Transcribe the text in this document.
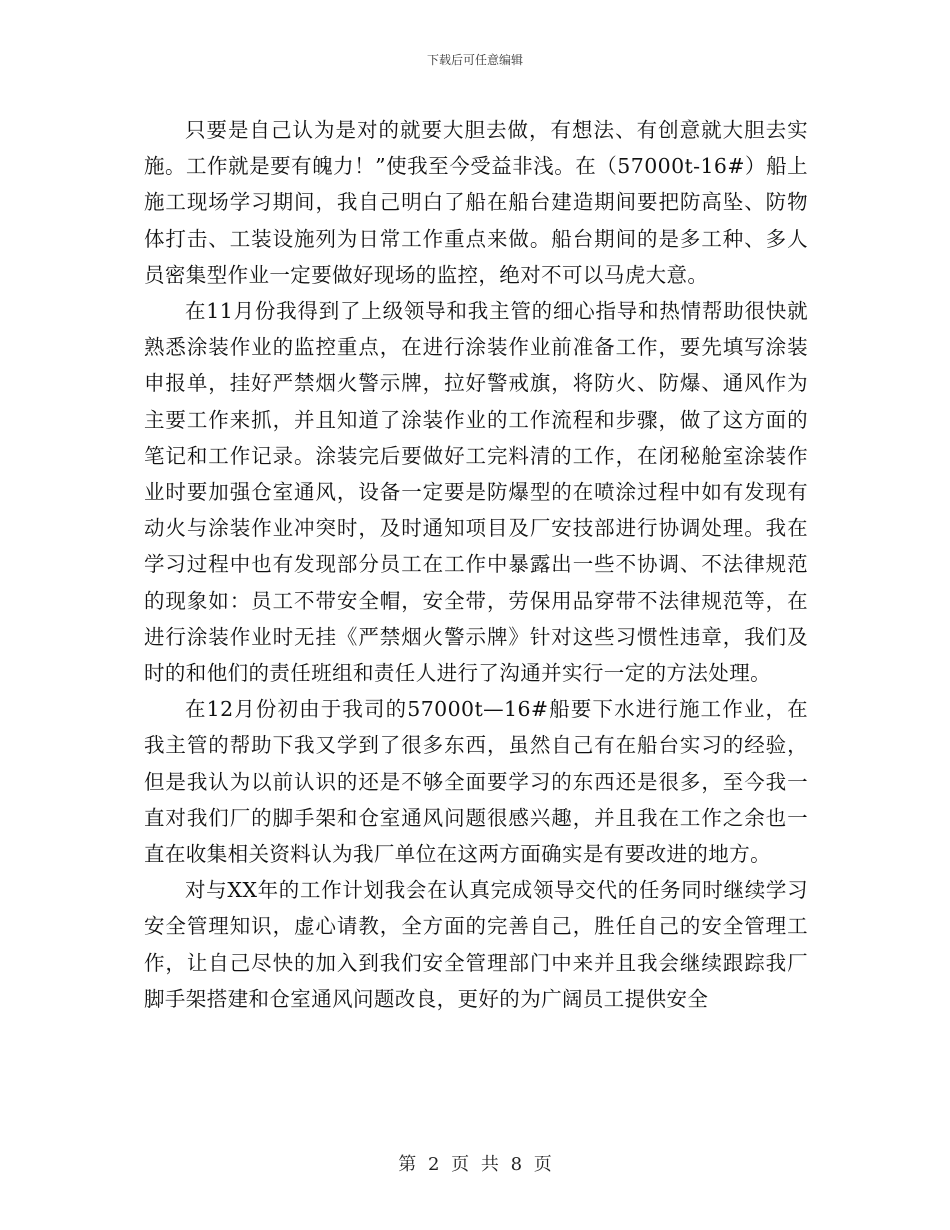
下载后可任意编辑

只要是自己认为是对的就要大胆去做，有想法、有创意就大胆去实施。工作就是要有魄力！”使我至今受益非浅。在（57000t-16#）船上施工现场学习期间，我自己明白了船在船台建造期间要把防高坠、防物体打击、工装设施列为日常工作重点来做。船台期间的是多工种、多人员密集型作业一定要做好现场的监控，绝对不可以马虎大意。

在11月份我得到了上级领导和我主管的细心指导和热情帮助很快就熟悉涂装作业的监控重点，在进行涂装作业前准备工作，要先填写涂装申报单，挂好严禁烟火警示牌，拉好警戒旗，将防火、防爆、通风作为主要工作来抓，并且知道了涂装作业的工作流程和步骤，做了这方面的笔记和工作记录。涂装完后要做好工完料清的工作，在闭秘舱室涂装作业时要加强仓室通风，设备一定要是防爆型的在喷涂过程中如有发现有动火与涂装作业冲突时，及时通知项目及厂安技部进行协调处理。我在学习过程中也有发现部分员工在工作中暴露出一些不协调、不法律规范的现象如：员工不带安全帽，安全带，劳保用品穿带不法律规范等，在进行涂装作业时无挂《严禁烟火警示牌》针对这些习惯性违章，我们及时的和他们的责任班组和责任人进行了沟通并实行一定的方法处理。

在12月份初由于我司的57000t—16#船要下水进行施工作业，在我主管的帮助下我又学到了很多东西，虽然自己有在船台实习的经验，但是我认为以前认识的还是不够全面要学习的东西还是很多，至今我一直对我们厂的脚手架和仓室通风问题很感兴趣，并且我在工作之余也一直在收集相关资料认为我厂单位在这两方面确实是有要改进的地方。

对与XX年的工作计划我会在认真完成领导交代的任务同时继续学习安全管理知识，虚心请教，全方面的完善自己，胜任自己的安全管理工作，让自己尽快的加入到我们安全管理部门中来并且我会继续跟踪我厂脚手架搭建和仓室通风问题改良，更好的为广阔员工提供安全

第 2 页 共 8 页
